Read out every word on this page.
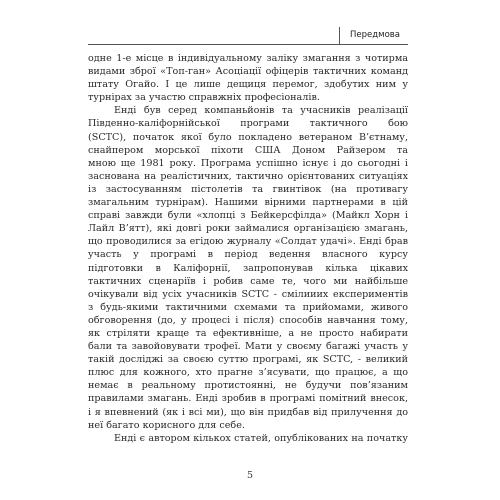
Передмова
одне 1-е місце в індивідуальному заліку змагання з чотирма
видами зброї «Топ-ган» Асоціації офіцерів тактичних команд
штату Огайо. І це лише дещиця перемог, здобутих ним у
турнірах за участю справжніх професіоналів.
Енді був серед компаньйонів та учасників реалізації
Південно-каліфорнійської програми тактичного бою
(SCTC), початок якої було покладено ветераном В’єтнаму,
снайпером морської піхоти США Доном Райзером та
мною ще 1981 року. Програма успішно існує і до сьогодні і
заснована на реалістичних, тактично орієнтованих ситуаціях
із застосуванням пістолетів та гвинтівок (на противагу
змагальним турнірам). Нашими вірними партнерами в цій
справі завжди були «хлопці з Бейкерсфілда» (Майкл Хорн і
Лайл В’ятт), які довгі роки займалися організацією змагань,
що проводилися за егідою журналу «Солдат удачі». Енді брав
участь у програмі в період ведення власного курсу
підготовки в Каліфорнії, запропонував кілька цікавих
тактичних сценаріїв і робив саме те, чого ми найбільше
очікували від усіх учасників SCTC - смілииих експериментів
з будь-якими тактичними схемами та прийомами, живого
обговорення (до, у процесі і після) способів навчання тому,
як стріляти краще та ефективніше, а не просто набирати
бали та завойовувати трофеї. Мати у своєму багажі участь у
такій досліджі за своєю суттю програмі, як SCTC, - великий
плюс для кожного, хто прагне з’ясувати, що працює, а що
немає в реальному протистоянні, не будучи пов’язаним
правилами змагань. Енді зробив в програмі помітний внесок,
і я впевнений (як і всі ми), що він придбав від прилучення до
неї багато корисного для себе.
Енді є автором кількох статей, опублікованих на початку
5
